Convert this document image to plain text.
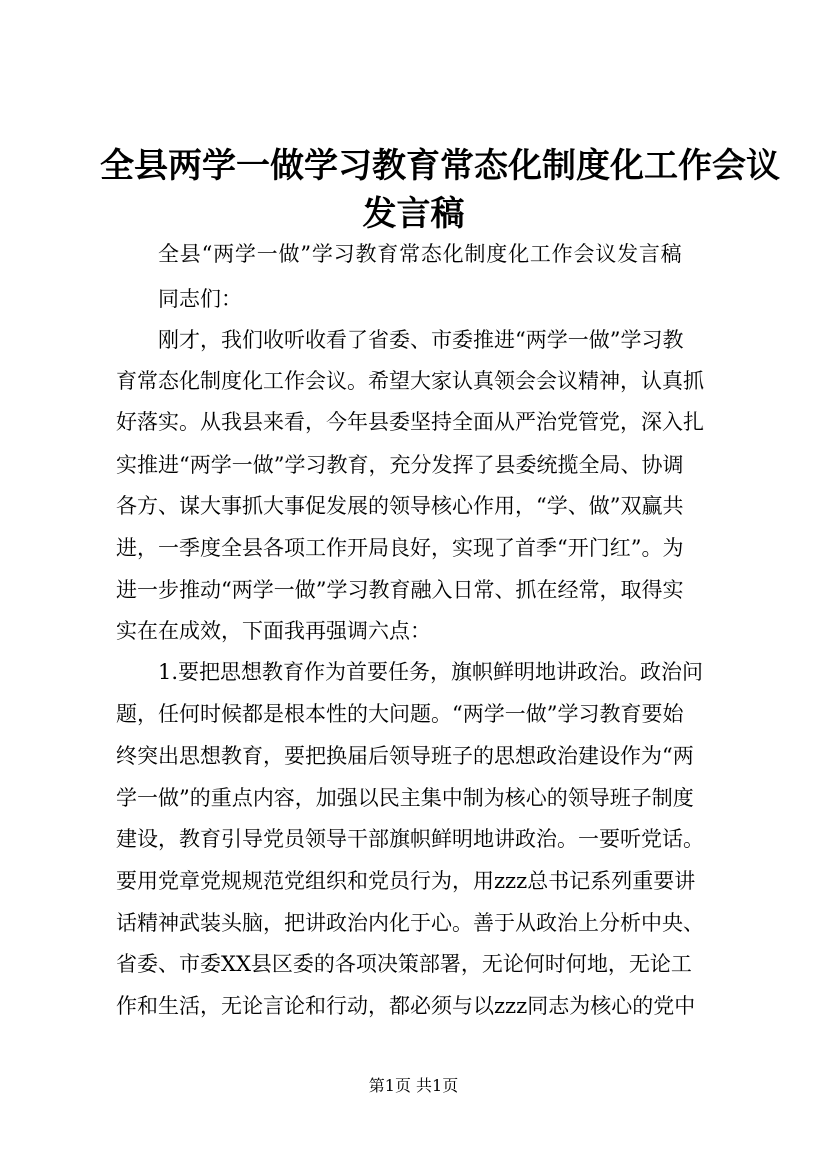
全县两学一做学习教育常态化制度化工作会议
发言稿

全县“两学一做”学习教育常态化制度化工作会议发言稿

同志们：

刚才，我们收听收看了省委、市委推进“两学一做”学习教

育常态化制度化工作会议。希望大家认真领会会议精神，认真抓

好落实。从我县来看，今年县委坚持全面从严治党管党，深入扎

实推进“两学一做”学习教育，充分发挥了县委统揽全局、协调

各方、谋大事抓大事促发展的领导核心作用，“学、做”双赢共

进，一季度全县各项工作开局良好，实现了首季“开门红”。为

进一步推动“两学一做”学习教育融入日常、抓在经常，取得实

实在在成效，下面我再强调六点：

1.要把思想教育作为首要任务，旗帜鲜明地讲政治。政治问

题，任何时候都是根本性的大问题。“两学一做”学习教育要始

终突出思想教育，要把换届后领导班子的思想政治建设作为“两

学一做”的重点内容，加强以民主集中制为核心的领导班子制度

建设，教育引导党员领导干部旗帜鲜明地讲政治。一要听党话。

要用党章党规规范党组织和党员行为，用zzz总书记系列重要讲

话精神武装头脑，把讲政治内化于心。善于从政治上分析中央、

省委、市委XX县区委的各项决策部署，无论何时何地，无论工

作和生活，无论言论和行动，都必须与以zzz同志为核心的党中

第1页 共1页
